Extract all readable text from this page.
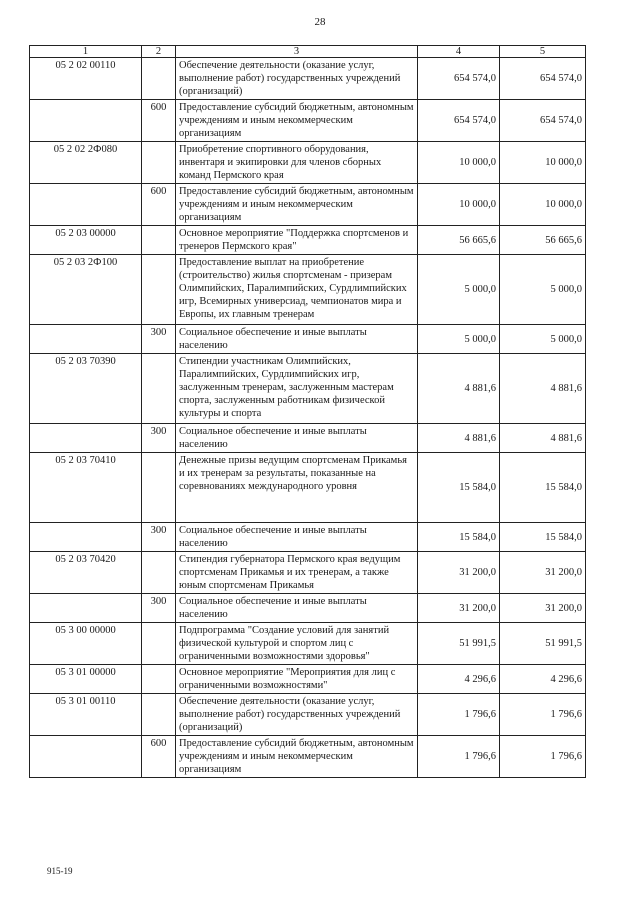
28
1	2	3	4	5
05 2 02 00110		Обеспечение деятельности (оказание услуг, выполнение работ) государственных учреждений (организаций)	654 574,0	654 574,0
	600	Предоставление субсидий бюджетным, автономным учреждениям и иным некоммерческим организациям	654 574,0	654 574,0
05 2 02 2Ф080		Приобретение спортивного оборудования, инвентаря и экипировки для членов сборных команд Пермского края	10 000,0	10 000,0
	600	Предоставление субсидий бюджетным, автономным учреждениям и иным некоммерческим организациям	10 000,0	10 000,0
05 2 03 00000		Основное мероприятие "Поддержка спортсменов и тренеров Пермского края"	56 665,6	56 665,6
05 2 03 2Ф100		Предоставление выплат на приобретение (строительство) жилья спортсменам - призерам Олимпийских, Паралимпийских, Сурдлимпийских игр, Всемирных универсиад, чемпионатов мира и Европы, их главным тренерам	5 000,0	5 000,0
	300	Социальное обеспечение и иные выплаты населению	5 000,0	5 000,0
05 2 03 70390		Стипендии участникам Олимпийских, Паралимпийских, Сурдлимпийских игр, заслуженным тренерам, заслуженным мастерам спорта, заслуженным работникам физической культуры и спорта	4 881,6	4 881,6
	300	Социальное обеспечение и иные выплаты населению	4 881,6	4 881,6
05 2 03 70410		Денежные призы ведущим спортсменам Прикамья и их тренерам за результаты, показанные на соревнованиях международного уровня	15 584,0	15 584,0
	300	Социальное обеспечение и иные выплаты населению	15 584,0	15 584,0
05 2 03 70420		Стипендия губернатора Пермского края ведущим спортсменам Прикамья и их тренерам, а также юным спортсменам Прикамья	31 200,0	31 200,0
	300	Социальное обеспечение и иные выплаты населению	31 200,0	31 200,0
05 3 00 00000		Подпрограмма "Создание условий для занятий физической культурой и спортом лиц с ограниченными возможностями здоровья"	51 991,5	51 991,5
05 3 01 00000		Основное мероприятие "Мероприятия для лиц с ограниченными возможностями"	4 296,6	4 296,6
05 3 01 00110		Обеспечение деятельности (оказание услуг, выполнение работ) государственных учреждений (организаций)	1 796,6	1 796,6
	600	Предоставление субсидий бюджетным, автономным учреждениям и иным некоммерческим организациям	1 796,6	1 796,6
915-19
